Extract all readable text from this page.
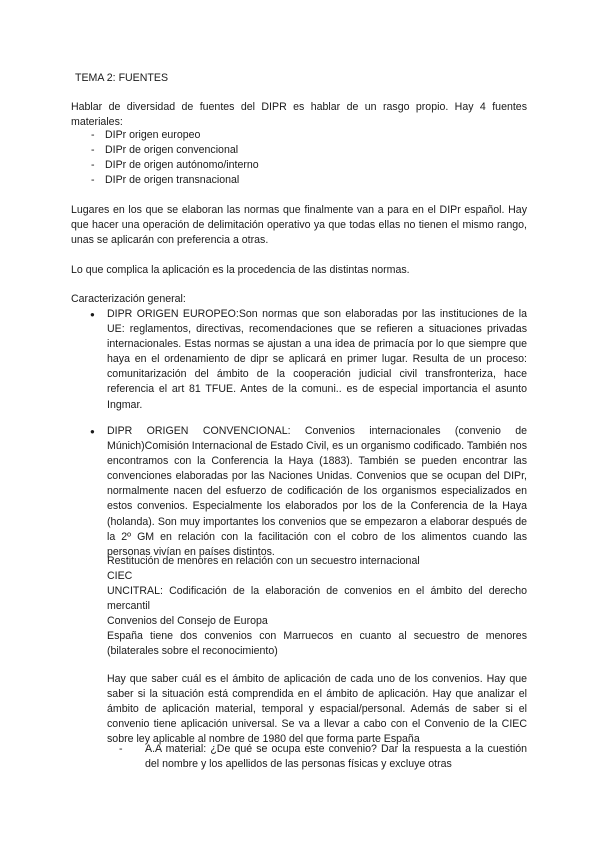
TEMA 2: FUENTES
Hablar de diversidad de fuentes del DIPR es hablar de un rasgo propio. Hay 4 fuentes materiales:
- DIPr origen europeo
- DIPr de origen convencional
- DIPr de origen autónomo/interno
- DIPr de origen transnacional
Lugares en los que se elaboran las normas que finalmente van a para en el DIPr español. Hay que hacer una operación de delimitación operativo ya que todas ellas no tienen el mismo rango, unas se aplicarán con preferencia a otras.
Lo que complica la aplicación es la procedencia de las distintas normas.
Caracterización general:
● DIPR ORIGEN EUROPEO:Son normas que son elaboradas por las instituciones de la UE: reglamentos, directivas, recomendaciones que se refieren a situaciones privadas internacionales. Estas normas se ajustan a una idea de primacía por lo que siempre que haya en el ordenamiento de dipr se aplicará en primer lugar. Resulta de un proceso: comunitarización del ámbito de la cooperación judicial civil transfronteriza, hace referencia el art 81 TFUE. Antes de la comuni.. es de especial importancia el asunto Ingmar.
● DIPR ORIGEN CONVENCIONAL: Convenios internacionales (convenio de Múnich)Comisión Internacional de Estado Civil, es un organismo codificado. También nos encontramos con la Conferencia la Haya (1883). También se pueden encontrar las convenciones elaboradas por las Naciones Unidas. Convenios que se ocupan del DIPr, normalmente nacen del esfuerzo de codificación de los organismos especializados en estos convenios. Especialmente los elaborados por los de la Conferencia de la Haya (holanda). Son muy importantes los convenios que se empezaron a elaborar después de la 2º GM en relación con la facilitación con el cobro de los alimentos cuando las personas vivían en países distintos.
Restitución de menores en relación con un secuestro internacional
CIEC
UNCITRAL: Codificación de la elaboración de convenios en el ámbito del derecho mercantil
Convenios del Consejo de Europa
España tiene dos convenios con Marruecos en cuanto al secuestro de menores (bilaterales sobre el reconocimiento)
Hay que saber cuál es el ámbito de aplicación de cada uno de los convenios. Hay que saber si la situación está comprendida en el ámbito de aplicación. Hay que analizar el ámbito de aplicación material, temporal y espacial/personal. Además de saber si el convenio tiene aplicación universal. Se va a llevar a cabo con el Convenio de la CIEC sobre ley aplicable al nombre de 1980 del que forma parte España
- A.A material: ¿De qué se ocupa este convenio? Dar la respuesta a la cuestión del nombre y los apellidos de las personas físicas y excluye otras
